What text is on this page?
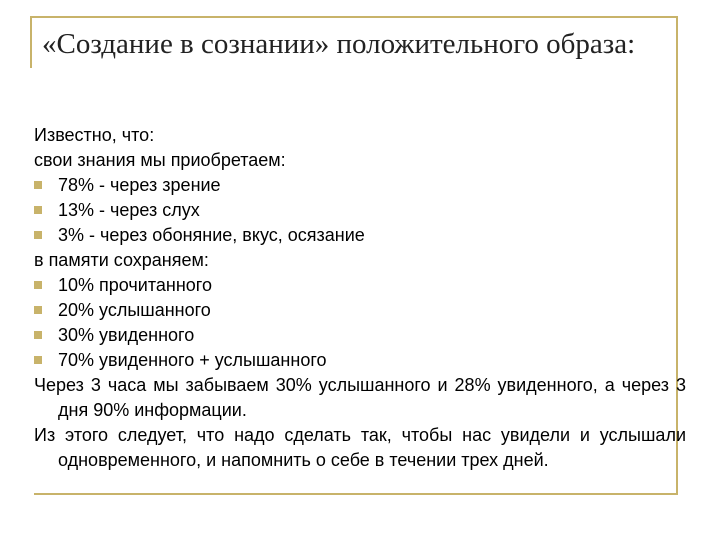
«Создание в сознании» положительного образа:
Известно, что:
свои знания мы приобретаем:
78% - через зрение
13% - через слух
3% - через обоняние, вкус, осязание
в памяти сохраняем:
10% прочитанного
20% услышанного
30% увиденного
70% увиденного + услышанного
Через 3 часа мы забываем 30% услышанного и 28% увиденного, а через 3 дня 90% информации.
Из этого следует, что надо сделать так, чтобы нас увидели и услышали одновременного, и напомнить о себе в течении трех дней.
